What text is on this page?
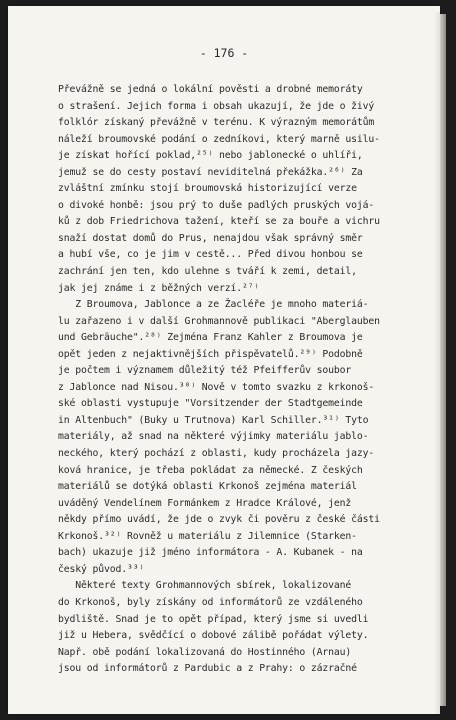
- 176 -
Převážně se jedná o lokální pověsti a drobné memoráty
o strašení. Jejich forma i obsah ukazují, že jde o živý
folklór získaný převážně v terénu. K výrazným memorátům
náleží broumovské podání o zedníkovi, který marně usilu-
je získat hořící poklad,²⁵⁾ nebo jablonecké o uhlíři,
jemuž se do cesty postaví neviditelná překážka.²⁶⁾ Za
zvláštní zmínku stojí broumovská historizující verze
o divoké honbě: jsou prý to duše padlých pruských vojá-
ků z dob Friedrichova tažení, kteří se za bouře a vichru
snaží dostat domů do Prus, nenajdou však správný směr
a hubí vše, co je jim v cestě... Před divou honbou se
zachrání jen ten, kdo ulehne s tváří k zemi, detail,
jak jej známe i z běžných verzí.²⁷⁾
Z Broumova, Jablonce a ze Žacléře je mnoho materiá-
lu zařazeno i v další Grohmannově publikaci "Aberglauben
und Gebräuche".²⁸⁾ Zejména Franz Kahler z Broumova je
opět jeden z nejaktivnějších přispěvatelů.²⁹⁾ Podobně
je počtem i významem důležitý též Pfeifferův soubor
z Jablonce nad Nisou.³⁰⁾ Nově v tomto svazku z krkonoš-
ské oblasti vystupuje "Vorsitzender der Stadtgemeinde
in Altenbuch" (Buky u Trutnova) Karl Schiller.³¹⁾ Tyto
materiály, až snad na některé výjimky materiálu jablo-
neckého, který pochází z oblasti, kudy procházela jazy-
ková hranice, je třeba pokládat za německé. Z českých
materiálů se dotýká oblasti Krkonoš zejména materiál
uváděný Vendelínem Formánkem z Hradce Králové, jenž
někdy přímo uvádí, že jde o zvyk či pověru z české části
Krkonoš.³²⁾ Rovněž u materiálu z Jilemnice (Starken-
bach) ukazuje již jméno informátora - A. Kubanek - na
český původ.³³⁾
Některé texty Grohmannových sbírek, lokalizované
do Krkonoš, byly získány od informátorů ze vzdáleného
bydliště. Snad je to opět případ, který jsme si uvedli
již u Hebera, svědčící o dobové zálibě pořádat výlety.
Např. obě podání lokalizovaná do Hostinného (Arnau)
jsou od informátorů z Pardubic a z Prahy: o zázračné
